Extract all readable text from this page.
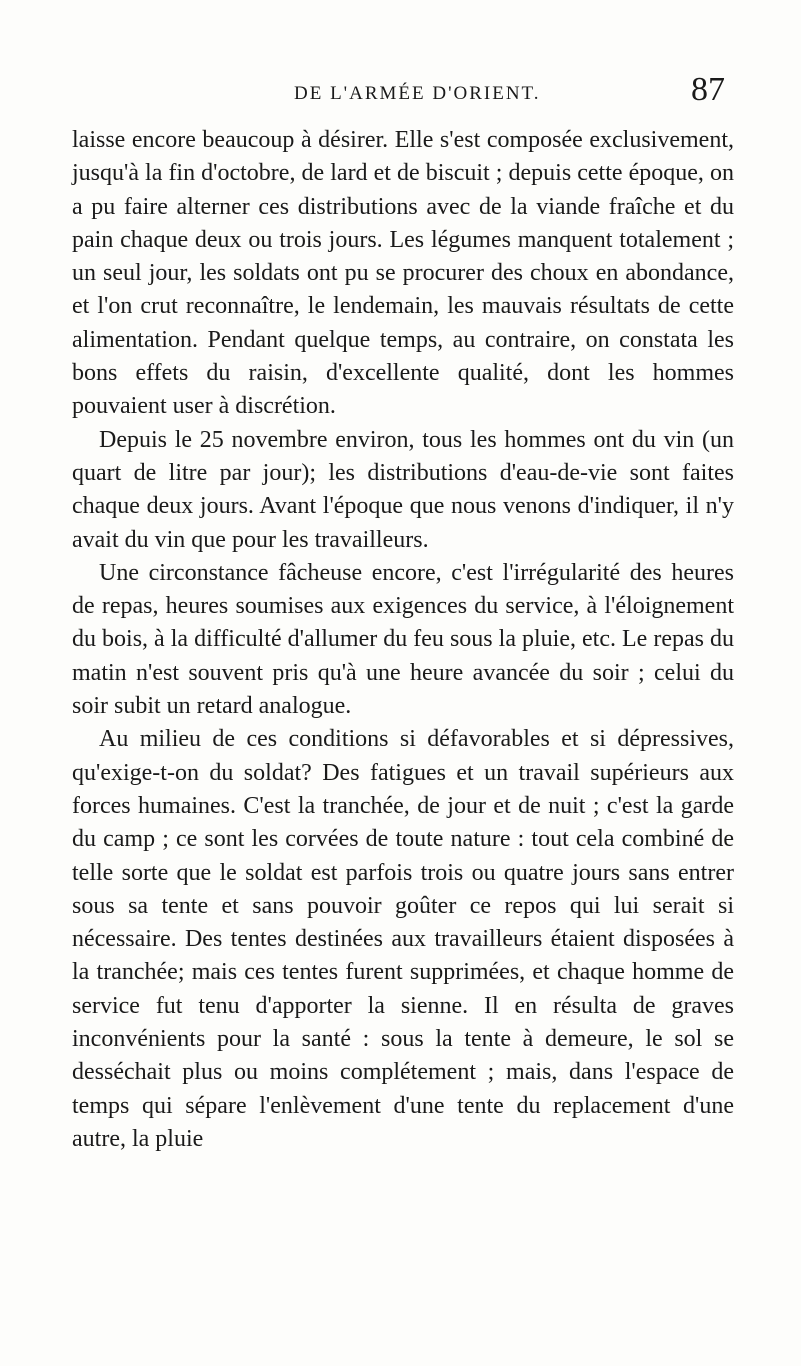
DE L'ARMÉE D'ORIENT.	87

laisse encore beaucoup à désirer. Elle s'est composée exclusivement, jusqu'à la fin d'octobre, de lard et de biscuit ; depuis cette époque, on a pu faire alterner ces distributions avec de la viande fraîche et du pain chaque deux ou trois jours. Les légumes manquent totalement ; un seul jour, les soldats ont pu se procurer des choux en abondance, et l'on crut reconnaître, le lendemain, les mauvais résultats de cette alimentation. Pendant quelque temps, au contraire, on constata les bons effets du raisin, d'excellente qualité, dont les hommes pouvaient user à discrétion.

Depuis le 25 novembre environ, tous les hommes ont du vin (un quart de litre par jour); les distributions d'eau-de-vie sont faites chaque deux jours. Avant l'époque que nous venons d'indiquer, il n'y avait du vin que pour les travailleurs.

Une circonstance fâcheuse encore, c'est l'irrégularité des heures de repas, heures soumises aux exigences du service, à l'éloignement du bois, à la difficulté d'allumer du feu sous la pluie, etc. Le repas du matin n'est souvent pris qu'à une heure avancée du soir ; celui du soir subit un retard analogue.

Au milieu de ces conditions si défavorables et si dépressives, qu'exige-t-on du soldat? Des fatigues et un travail supérieurs aux forces humaines. C'est la tranchée, de jour et de nuit ; c'est la garde du camp ; ce sont les corvées de toute nature : tout cela combiné de telle sorte que le soldat est parfois trois ou quatre jours sans entrer sous sa tente et sans pouvoir goûter ce repos qui lui serait si nécessaire. Des tentes destinées aux travailleurs étaient disposées à la tranchée; mais ces tentes furent supprimées, et chaque homme de service fut tenu d'apporter la sienne. Il en résulta de graves inconvénients pour la santé : sous la tente à demeure, le sol se desséchait plus ou moins complétement ; mais, dans l'espace de temps qui sépare l'enlèvement d'une tente du replacement d'une autre, la pluie
